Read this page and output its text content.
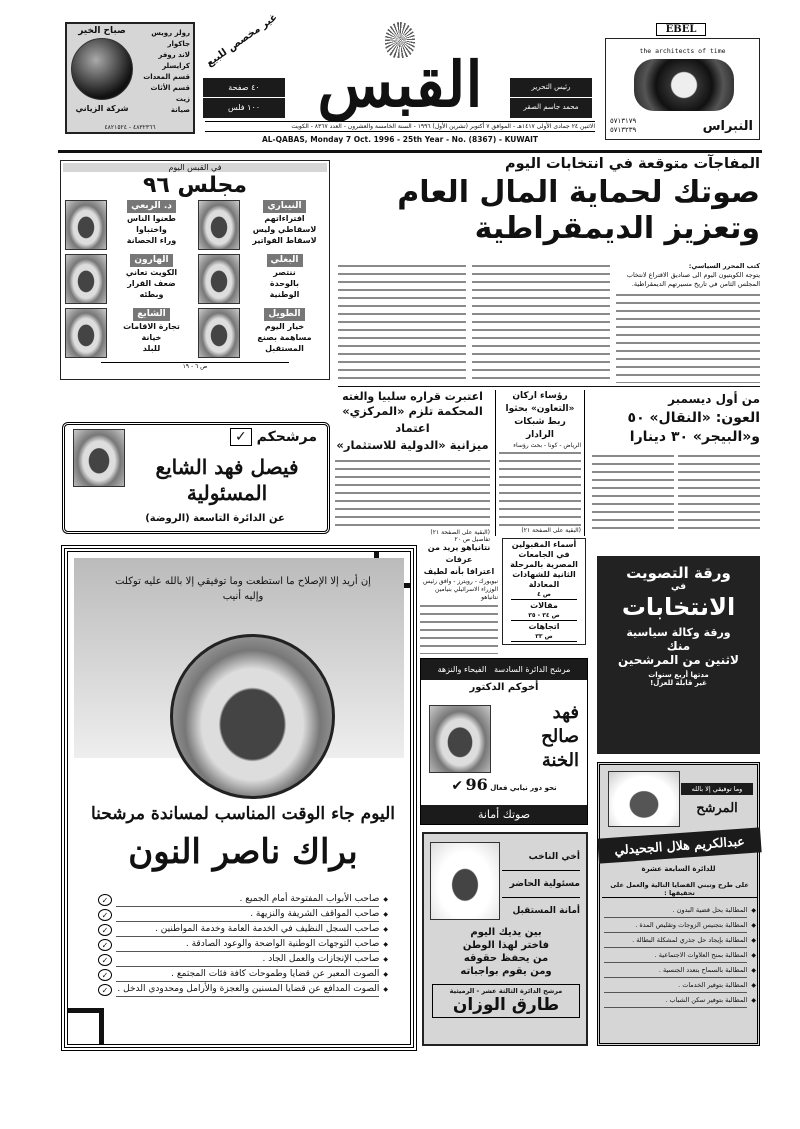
صباح الخير
شركة الزياني
رولز رويس
جاكوار
لاند روفر
كرايسلر
قسم المعدات
قسم الأثاث
زيت
صيانة
٤٨٣٢٣٦٦ - ٤٨٢١٥٢٤
غير مخصص للبيع
القبس
٤٠ صفحة
١٠٠ فلس
رئيس التحرير
محمد جاسم الصقر
الاثنين ٢٤ جمادى الأولى ١٤١٧هـ - الموافق ٧ أكتوبر (تشرين الأول) ١٩٩٦ - السنة الخامسة والعشرون - العدد ٨٣٦٧ - الكويت
AL-QABAS, Monday 7 Oct. 1996 - 25th Year - No. (8367) - KUWAIT
EBEL
the architects of time
٥٧١٣١٧٩
٥٧١٣٢٣٩	النبراس
في القبس اليوم
مجلس ٩٦
النيباري
افتراءاتهم
لاسقاطي وليس
لاسقاط الفواتير
د. الربعي
طعنوا الناس
واختباوا
وراء الحصانة
البغلي
ننتصر
بالوحدة
الوطنية
الهارون
الكويت تعاني
ضعف القرار
وبطئه
الطويل
خيار اليوم
مساهمة بصنع
المستقبل
الشايع
تجارة الاقامات
خيانة
للبلد
ص ٦ - ١٩
المفاجآت متوقعة في انتخابات اليوم
صوتك لحماية المال العام
وتعزيز الديمقراطية
كتب المحرر السياسي:
يتوجه الكويتيون اليوم الى صناديق الاقتراع لانتخاب المجلس الثامن في تاريخ مسيرتهم الديمقراطية.
من أول ديسمبر
العون: «النقال» ٥٠
و«البيجر» ٣٠ دينارا
رؤساء اركان
«التعاون» بحثوا
ربط شبكات الرادار
الرياض - كونا - بحث رؤساء
(البقية على الصفحة ٢١)
اعتبرت قراره سلبيا والغته
المحكمة تلزم «المركزي» اعتماد
ميزانية «الدولية للاستثمار»
(البقية على الصفحة ٢١)
تفاصيل ص ٢٠
مرشحكم ✓
فيصل فهد الشايع
المسئولية
عن الدائرة التاسعة (الروضة)
إن أريد إلا الإصلاح ما استطعت وما توفيقي إلا بالله عليه توكلت وإليه أنيب
اليوم جاء الوقت المناسب لمساندة مرشحنا
براك ناصر النون
◆
صاحب الأبواب المفتوحة أمام الجميع .
✓
◆
صاحب المواقف الشريفة والنزيهة .
✓
◆
صاحب السجل النظيف في الخدمة العامة وخدمة المواطنين .
✓
◆
صاحب التوجهات الوطنية الواضحة والوعود الصادقة .
✓
◆
صاحب الإنجازات والعمل الجاد .
✓
◆
الصوت المعبر عن قضايا وطموحات كافة فئات المجتمع .
✓
◆
الصوت المدافع عن قضايا المسنين والعجزة والأرامل ومحدودي الدخل .
✓
نتانياهو يريد من عرفات
اعترافا بأنه لطيف
نيويورك - رويترز - وافق رئيس الوزراء الاسرائيلي بنيامين نتانياهو
أسماء المقبولين في الجامعات المصرية بالمرحلة الثانية للشهادات المعادلة
ص ٤
مقالات
ص ٣٤ - ٣٥
اتجاهات
ص ٣٣
مرشح الدائرة السادسة   الفيحاء والنزهة
أخوكم الدكتور
فهد
صالح
الخنة
نحو دور نيابي فعال 96 ✔
صوتك أمانة
أخي الناخب
مسئولية الحاضر
أمانة المستقبل
بين يديك اليوم
فاختر لهذا الوطن
من يحفظ حقوقه
ومن يقوم بواجباته
مرشح الدائرة الثالثة عشر - الرميثية
طارق الوزان
ورقة التصويت
في
الانتخابات
ورقة وكالة سياسية
منك
لاثنين من المرشحين
مدتها أربع سنوات
غير قابلة للعزل!
وما توفيقي إلا بالله
المرشح
عبدالكريم هلال الجحيدلي
للدائرة السابعة عشرة
على طرح وتبني القضايا التالية والعمل على تحقيقها :
◆
المطالبة بحل قضية البدون .
◆
المطالبة بتجنيس الزوجات وتقليص المدة .
◆
المطالبة بإيجاد حل جذري لمشكلة البطالة .
◆
المطالبة بمنح العلاوات الاجتماعية .
◆
المطالبة بالسماح بتعدد الجنسية .
◆
المطالبة بتوفير الخدمات .
◆
المطالبة بتوفير سكن الشباب .
